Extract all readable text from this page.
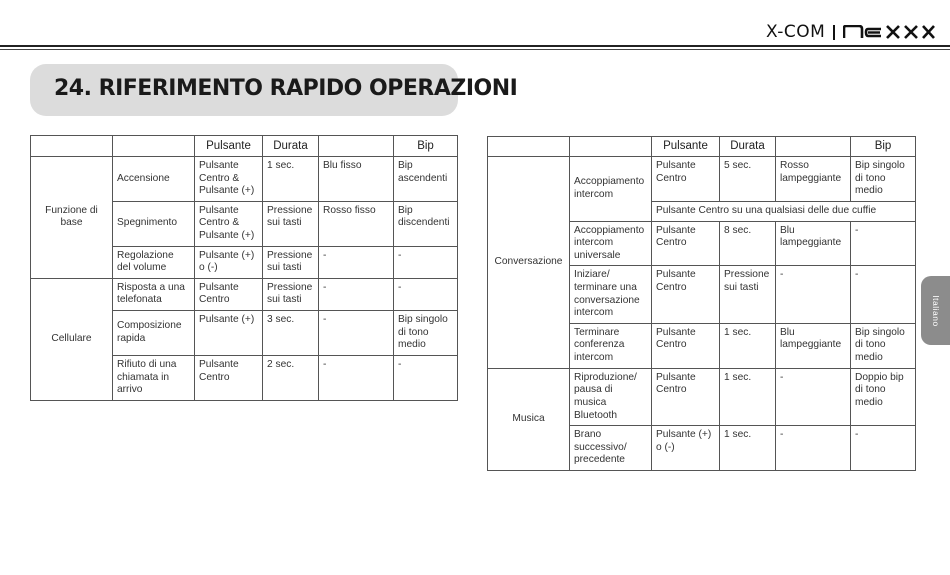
X-COM
24. RIFERIMENTO RAPIDO OPERAZIONI
		Pulsante	Durata		Bip
Funzione di base	Accensione	Pulsante Centro & Pulsante (+)	1 sec.	Blu fisso	Bip ascendenti
	Spegnimento	Pulsante Centro & Pulsante (+)	Pressione sui tasti	Rosso fisso	Bip discendenti
	Regolazione del volume	Pulsante (+) o (-)	Pressione sui tasti	-	-
Cellulare	Risposta a una telefonata	Pulsante Centro	Pressione sui tasti	-	-
	Composizione rapida	Pulsante (+)	3 sec.	-	Bip singolo di tono medio
	Rifiuto di una chiamata in arrivo	Pulsante Centro	2 sec.	-	-
		Pulsante	Durata		Bip
Conversazione	Accoppiamento intercom	Pulsante Centro	5 sec.	Rosso lampeggiante	Bip singolo di tono medio
		Pulsante Centro su una qualsiasi delle due cuffie			
	Accoppiamento intercom universale	Pulsante Centro	8 sec.	Blu lampeggiante	-
	Iniziare/ terminare una conversazione intercom	Pulsante Centro	Pressione sui tasti	-	-
	Terminare conferenza intercom	Pulsante Centro	1 sec.	Blu lampeggiante	Bip singolo di tono medio
Musica	Riproduzione/ pausa di musica Bluetooth	Pulsante Centro	1 sec.	-	Doppio bip di tono medio
	Brano successivo/ precedente	Pulsante (+) o (-)	1 sec.	-	-
Italiano
